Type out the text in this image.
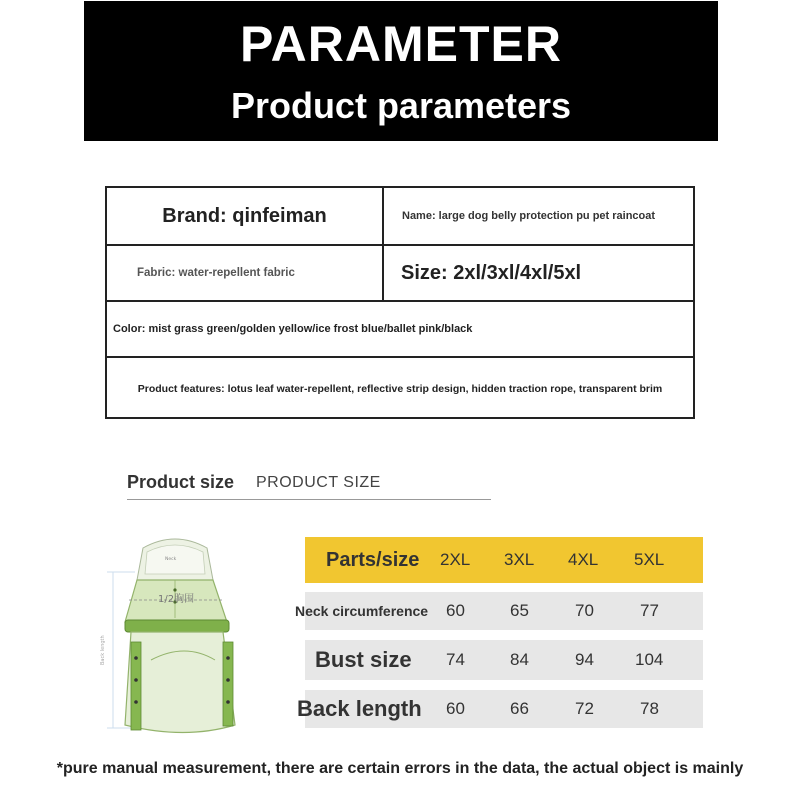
PARAMETER
Product parameters
Brand: qinfeiman	Name: large dog belly protection pu pet raincoat
Fabric: water-repellent fabric	Size: 2xl/3xl/4xl/5xl
Color: mist grass green/golden yellow/ice frost blue/ballet pink/black
Product features: lotus leaf water-repellent, reflective strip design, hidden traction rope, transparent brim
Product size PRODUCT SIZE
Back length
Neck
1/2胸围
Parts/size 2XL 3XL 4XL 5XL
Neck circumference 60	65	70	77
Bust size 74	84	94 104
Back length 60	66	72	78
*pure manual measurement, there are certain errors in the data, the actual object is mainly
